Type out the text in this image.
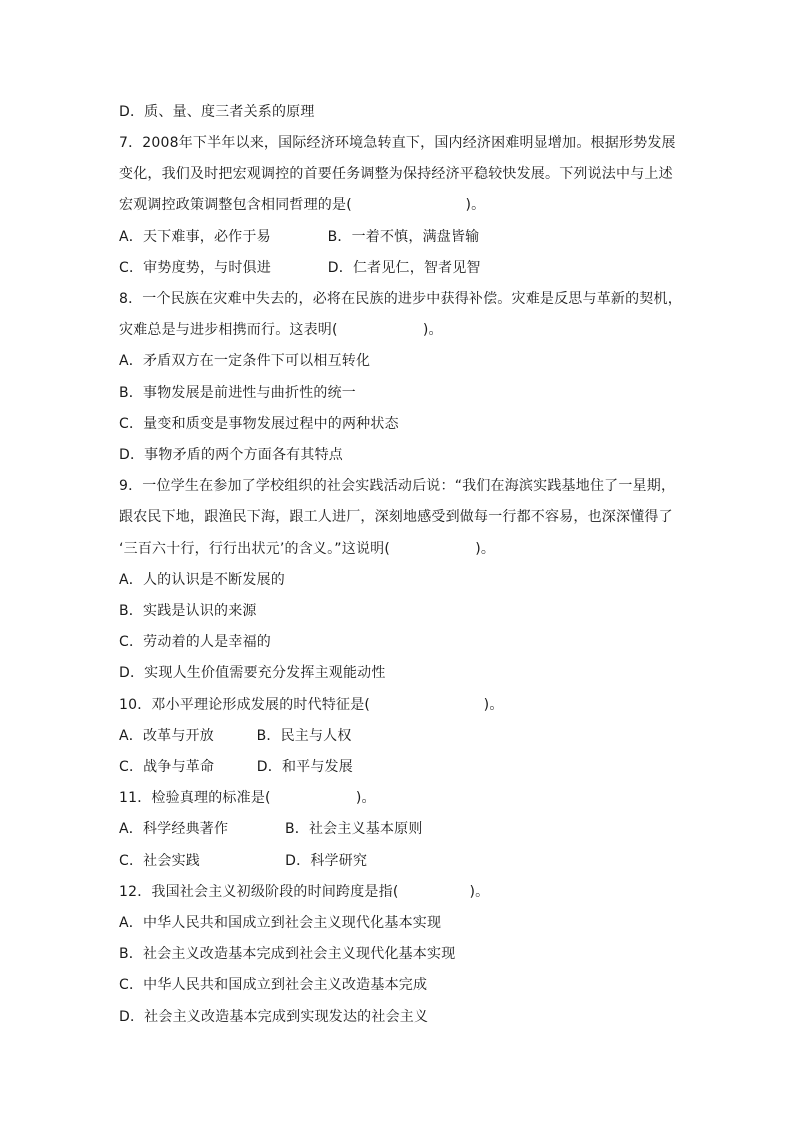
D．质、量、度三者关系的原理
7．2008年下半年以来，国际经济环境急转直下，国内经济困难明显增加。根据形势发展
变化，我们及时把宏观调控的首要任务调整为保持经济平稳较快发展。下列说法中与上述
宏观调控政策调整包含相同哲理的是(　　　　　　　　)。
A．天下难事，必作于易　　　　B．一着不慎，满盘皆输
C．审势度势，与时俱进　　　　D．仁者见仁，智者见智
8．一个民族在灾难中失去的，必将在民族的进步中获得补偿。灾难是反思与革新的契机，
灾难总是与进步相携而行。这表明(　　　　　　)。
A．矛盾双方在一定条件下可以相互转化
B．事物发展是前进性与曲折性的统一
C．量变和质变是事物发展过程中的两种状态
D．事物矛盾的两个方面各有其特点
9．一位学生在参加了学校组织的社会实践活动后说：“我们在海滨实践基地住了一星期，
跟农民下地，跟渔民下海，跟工人进厂，深刻地感受到做每一行都不容易，也深深懂得了
‘三百六十行，行行出状元’的含义。”这说明(　　　　　　)。
A．人的认识是不断发展的
B．实践是认识的来源
C．劳动着的人是幸福的
D．实现人生价值需要充分发挥主观能动性
10．邓小平理论形成发展的时代特征是(　　　　　　　　)。
A．改革与开放　　　B．民主与人权
C．战争与革命　　　D．和平与发展
11．检验真理的标准是(　　　　　　)。
A．科学经典著作　　　　B．社会主义基本原则
C．社会实践　　　　　　D．科学研究
12．我国社会主义初级阶段的时间跨度是指(　　　　　)。
A．中华人民共和国成立到社会主义现代化基本实现
B．社会主义改造基本完成到社会主义现代化基本实现
C．中华人民共和国成立到社会主义改造基本完成
D．社会主义改造基本完成到实现发达的社会主义
